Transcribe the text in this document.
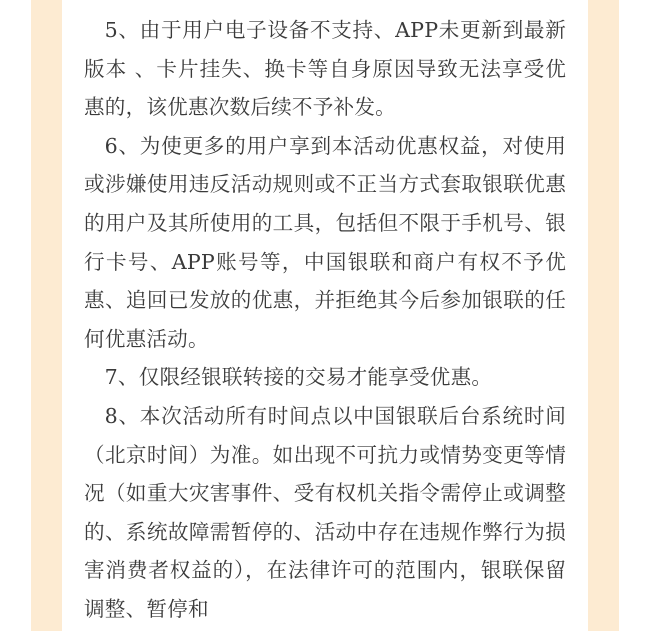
5、由于用户电子设备不支持、APP未更新到最新版本 、卡片挂失、换卡等自身原因导致无法享受优惠的，该优惠次数后续不予补发。

6、为使更多的用户享到本活动优惠权益，对使用或涉嫌使用违反活动规则或不正当方式套取银联优惠的用户及其所使用的工具，包括但不限于手机号、银行卡号、APP账号等，中国银联和商户有权不予优惠、追回已发放的优惠，并拒绝其今后参加银联的任何优惠活动。

7、仅限经银联转接的交易才能享受优惠。

8、本次活动所有时间点以中国银联后台系统时间（北京时间）为准。如出现不可抗力或情势变更等情况（如重大灾害事件、受有权机关指令需停止或调整的、系统故障需暂停的、活动中存在违规作弊行为损害消费者权益的），在法律许可的范围内，银联保留调整、暂停和
